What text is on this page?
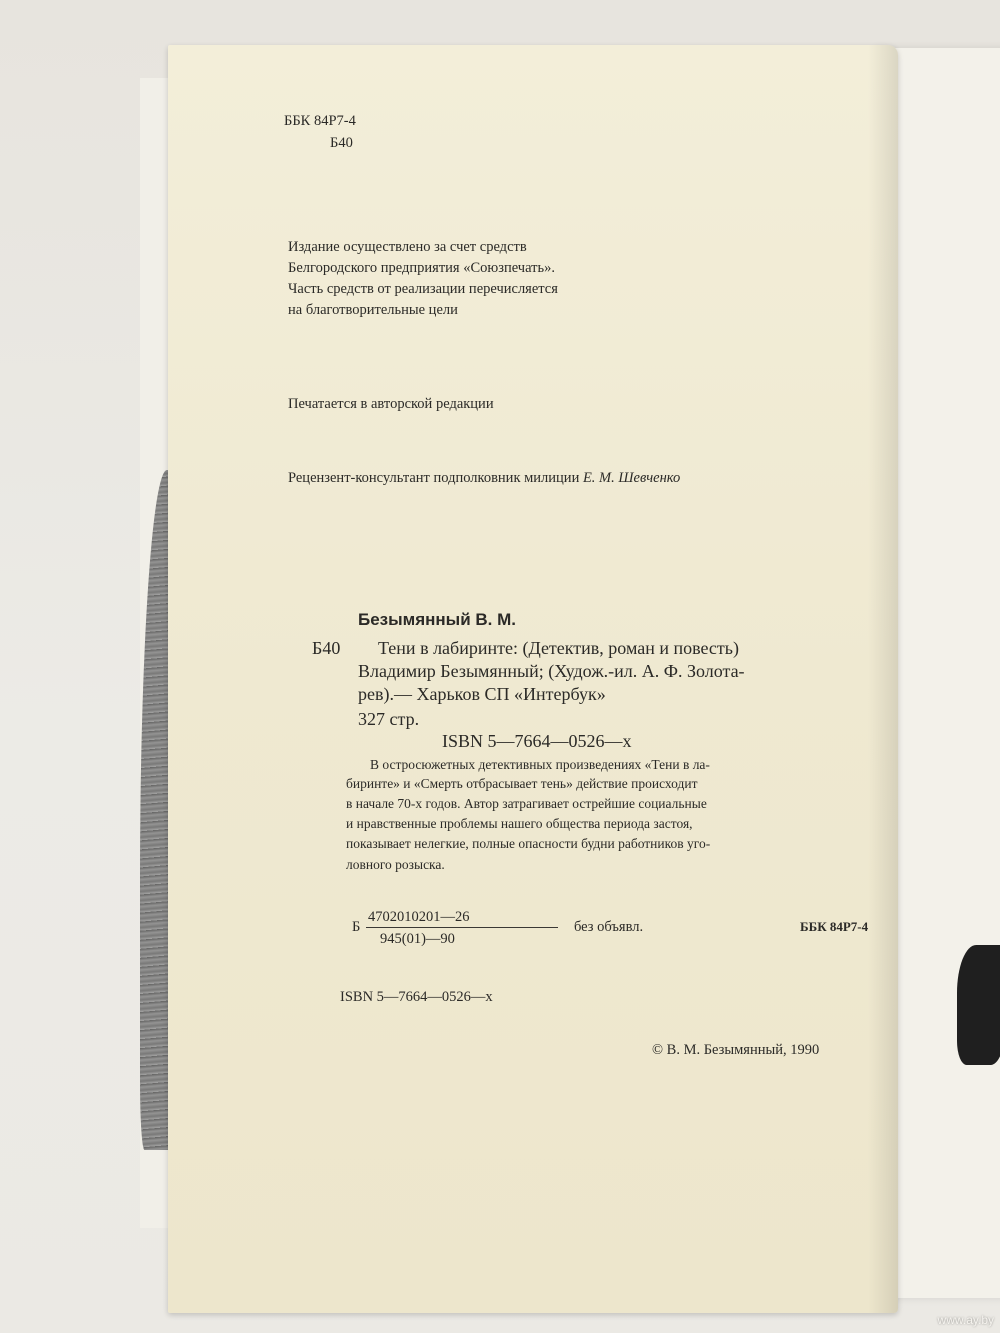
ББК 84Р7-4
Б40
Издание осуществлено за счет средств
Белгородского предприятия «Союзпечать».
Часть средств от реализации перечисляется
на благотворительные цели
Печатается в авторской редакции
Рецензент-консультант подполковник милиции Е. М. Шевченко
Безымянный В. М.
Б40 Тени в лабиринте: (Детектив, роман и повесть)
Владимир Безымянный; (Худож.-ил. А. Ф. Золота-
рев).— Харьков СП «Интербук»
327 стр.
ISBN 5—7664—0526—х
В остросюжетных детективных произведениях «Тени в ла-
биринте» и «Смерть отбрасывает тень» действие происходит
в начале 70-х годов. Автор затрагивает острейшие социальные
и нравственные проблемы нашего общества периода застоя,
показывает нелегкие, полные опасности будни работников уго-
ловного розыска.
Б
4702010201—26
945(01)—90
без объявл.	ББК 84Р7-4
ISBN 5—7664—0526—х
© В. М. Безымянный, 1990
www.ay.by
